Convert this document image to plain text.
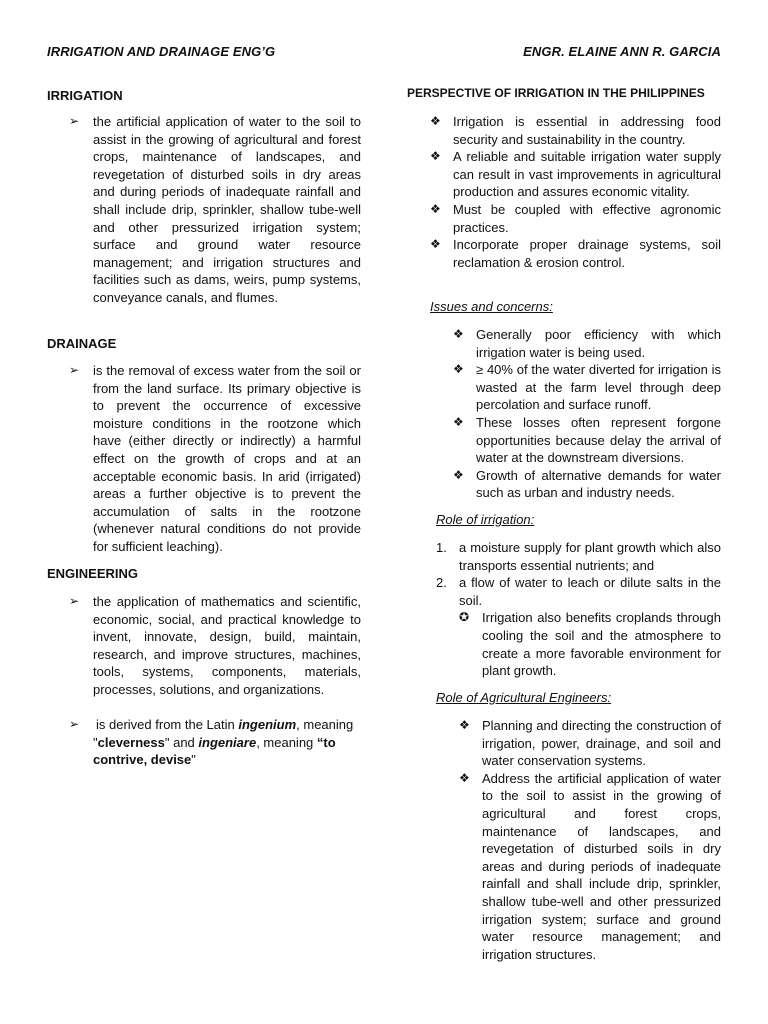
IRRIGATION AND DRAINAGE ENG’G	ENGR. ELAINE ANN R. GARCIA
IRRIGATION
➢ the artificial application of water to the soil to assist in the growing of agricultural and forest crops, maintenance of landscapes, and revegetation of disturbed soils in dry areas and during periods of inadequate rainfall and shall include drip, sprinkler, shallow tube-well and other pressurized irrigation system; surface and ground water resource management; and irrigation structures and facilities such as dams, weirs, pump systems, conveyance canals, and flumes.
DRAINAGE
➢ is the removal of excess water from the soil or from the land surface. Its primary objective is to prevent the occurrence of excessive moisture conditions in the rootzone which have (either directly or indirectly) a harmful effect on the growth of crops and at an acceptable economic basis. In arid (irrigated) areas a further objective is to prevent the accumulation of salts in the rootzone (whenever natural conditions do not provide for sufficient leaching).
ENGINEERING
➢ the application of mathematics and scientific, economic, social, and practical knowledge to invent, innovate, design, build, maintain, research, and improve structures, machines, tools, systems, components, materials, processes, solutions, and organizations.
➢ is derived from the Latin ingenium, meaning "cleverness" and ingeniare, meaning “to contrive, devise"
PERSPECTIVE OF IRRIGATION IN THE PHILIPPINES
❖ Irrigation is essential in addressing food security and sustainability in the country.
❖ A reliable and suitable irrigation water supply can result in vast improvements in agricultural production and assures economic vitality.
❖ Must be coupled with effective agronomic practices.
❖ Incorporate proper drainage systems, soil reclamation & erosion control.
Issues and concerns:
❖ Generally poor efficiency with which irrigation water is being used.
❖ ≥ 40% of the water diverted for irrigation is wasted at the farm level through deep percolation and surface runoff.
❖ These losses often represent forgone opportunities because delay the arrival of water at the downstream diversions.
❖ Growth of alternative demands for water such as urban and industry needs.
Role of irrigation:
1. a moisture supply for plant growth which also transports essential nutrients; and
2. a flow of water to leach or dilute salts in the soil.
✪ Irrigation also benefits croplands through cooling the soil and the atmosphere to create a more favorable environment for plant growth.
Role of Agricultural Engineers:
❖ Planning and directing the construction of irrigation, power, drainage, and soil and water conservation systems.
❖ Address the artificial application of water to the soil to assist in the growing of agricultural and forest crops, maintenance of landscapes, and revegetation of disturbed soils in dry areas and during periods of inadequate rainfall and shall include drip, sprinkler, shallow tube-well and other pressurized irrigation system; surface and ground water resource management; and irrigation structures.
